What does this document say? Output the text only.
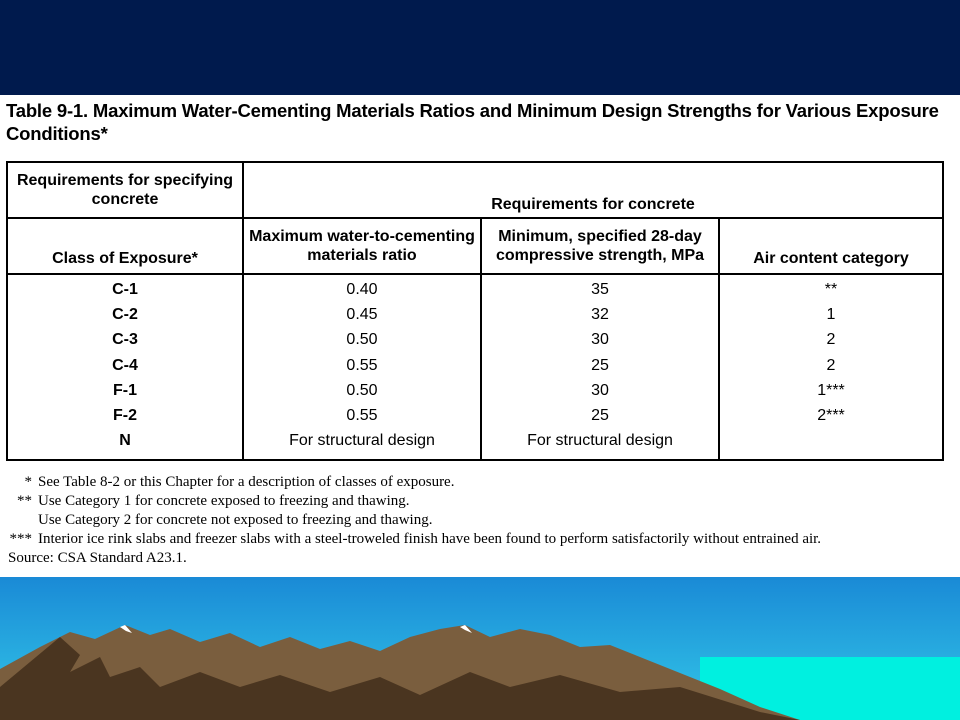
Table 9-1. Maximum Water-Cementing Materials Ratios and Minimum Design Strengths for Various Exposure Conditions*
Requirements for specifying concrete	Requirements for concrete
Class of Exposure*
Maximum water-to-cementing materials ratio
Minimum, specified 28-day compressive strength, MPa	Air content category
C-1
C-2
C-3
C-4
F-1
F-2
N
0.40
0.45
0.50
0.55
0.50
0.55
For structural design
35
32
30
25
30
25
For structural design
**
1
2
2
1***
2***
* See Table 8-2 or this Chapter for a description of classes of exposure.
** Use Category 1 for concrete exposed to freezing and thawing.
Use Category 2 for concrete not exposed to freezing and thawing.
*** Interior ice rink slabs and freezer slabs with a steel-troweled finish have been found to perform satisfactorily without entrained air.
Source: CSA Standard A23.1.
